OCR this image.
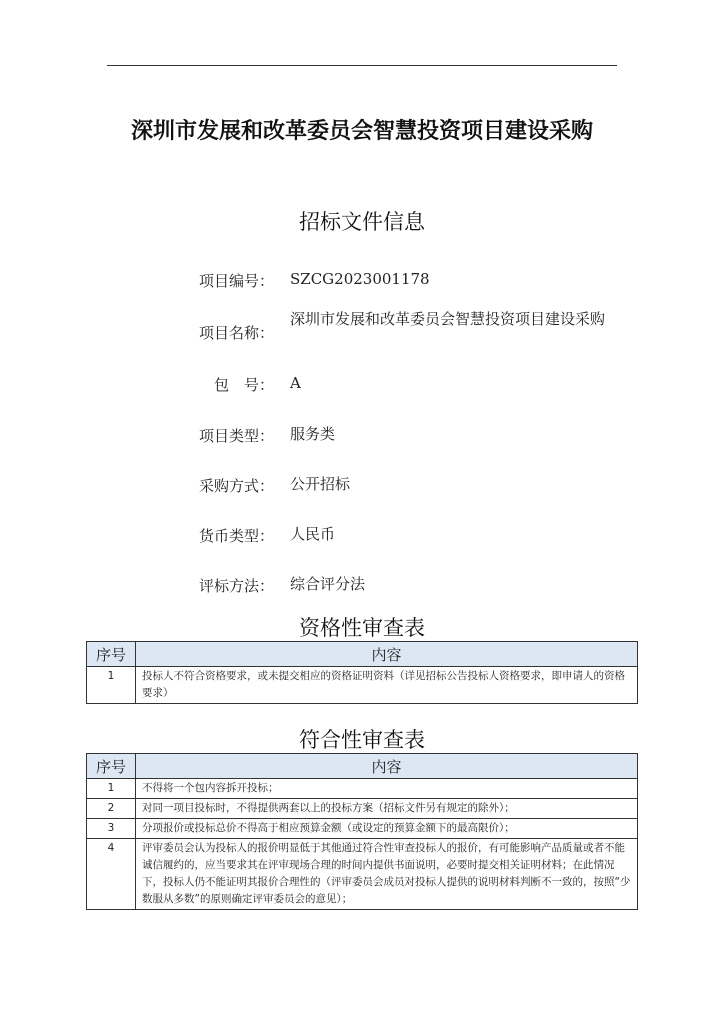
深圳市发展和改革委员会智慧投资项目建设采购
招标文件信息
项目编号： SZCG2023001178
项目名称：
深圳市发展和改革委员会智慧投资项目建设采购
包　号： A
项目类型： 服务类
采购方式： 公开招标
货币类型： 人民币
评标方法： 综合评分法
资格性审查表
序号	内容
1	投标人不符合资格要求，或未提交相应的资格证明资料（详见招标公告投标人资格要求，即申请人的资格要求）
符合性审查表
序号	内容
1	不得将一个包内容拆开投标；
2	对同一项目投标时，不得提供两套以上的投标方案（招标文件另有规定的除外）；
3	分项报价或投标总价不得高于相应预算金额（或设定的预算金额下的最高限价）；
4	评审委员会认为投标人的报价明显低于其他通过符合性审查投标人的报价，有可能影响产品质量或者不能诚信履约的，应当要求其在评审现场合理的时间内提供书面说明，必要时提交相关证明材料；在此情况下，投标人仍不能证明其报价合理性的（评审委员会成员对投标人提供的说明材料判断不一致的，按照“少数服从多数”的原则确定评审委员会的意见）；
